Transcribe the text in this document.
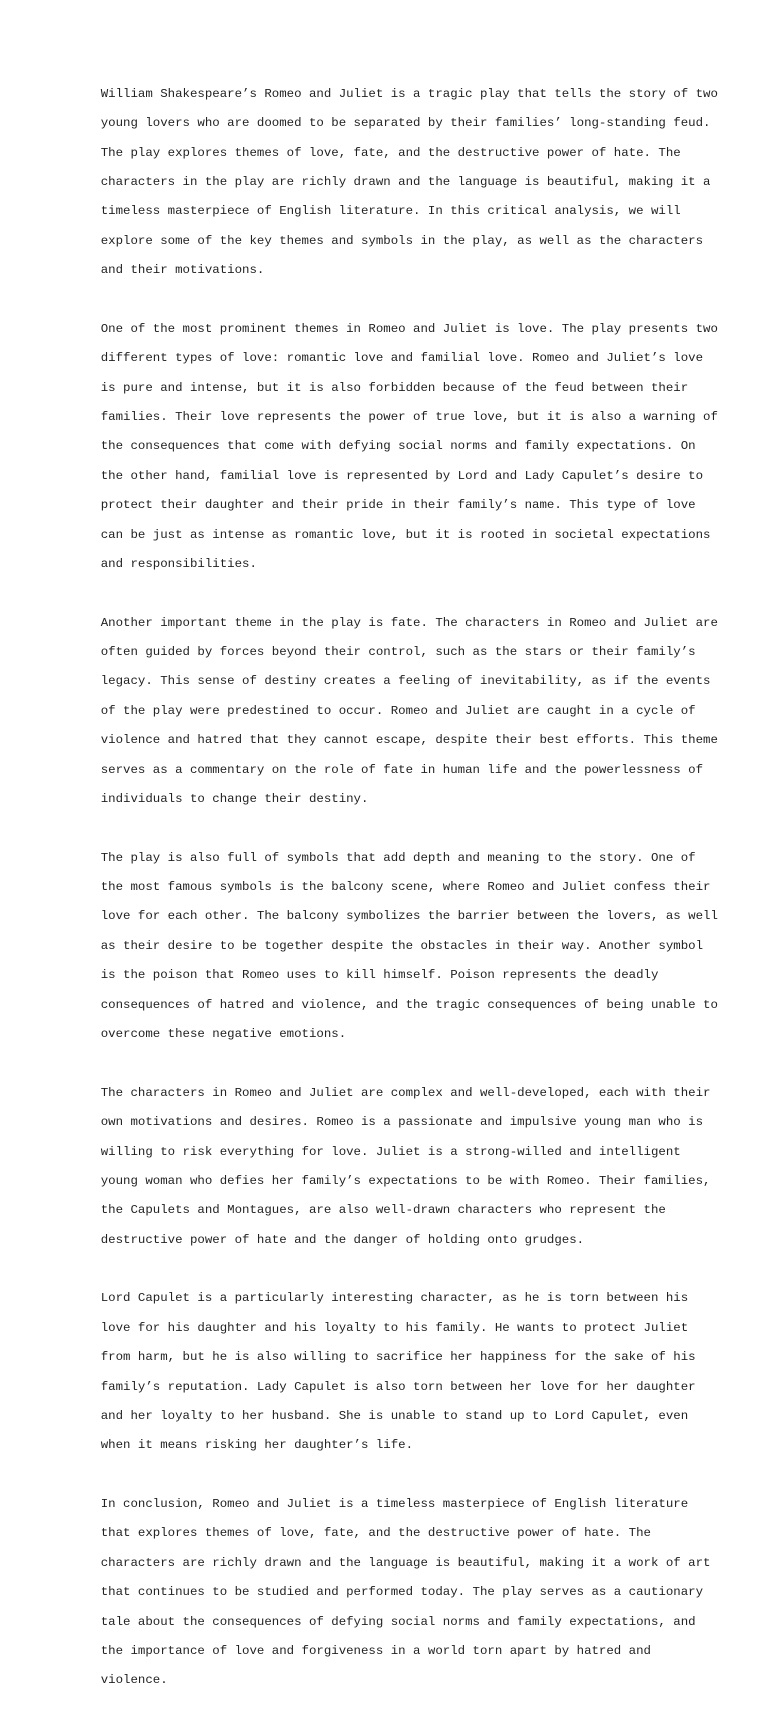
William Shakespeare’s Romeo and Juliet is a tragic play that tells the story of two

young lovers who are doomed to be separated by their families’ long-standing feud.

The play explores themes of love, fate, and the destructive power of hate. The

characters in the play are richly drawn and the language is beautiful, making it a

timeless masterpiece of English literature. In this critical analysis, we will

explore some of the key themes and symbols in the play, as well as the characters

and their motivations.

One of the most prominent themes in Romeo and Juliet is love. The play presents two

different types of love: romantic love and familial love. Romeo and Juliet’s love

is pure and intense, but it is also forbidden because of the feud between their

families. Their love represents the power of true love, but it is also a warning of

the consequences that come with defying social norms and family expectations. On

the other hand, familial love is represented by Lord and Lady Capulet’s desire to

protect their daughter and their pride in their family’s name. This type of love

can be just as intense as romantic love, but it is rooted in societal expectations

and responsibilities.

Another important theme in the play is fate. The characters in Romeo and Juliet are

often guided by forces beyond their control, such as the stars or their family’s

legacy. This sense of destiny creates a feeling of inevitability, as if the events

of the play were predestined to occur. Romeo and Juliet are caught in a cycle of

violence and hatred that they cannot escape, despite their best efforts. This theme

serves as a commentary on the role of fate in human life and the powerlessness of

individuals to change their destiny.

The play is also full of symbols that add depth and meaning to the story. One of

the most famous symbols is the balcony scene, where Romeo and Juliet confess their

love for each other. The balcony symbolizes the barrier between the lovers, as well

as their desire to be together despite the obstacles in their way. Another symbol

is the poison that Romeo uses to kill himself. Poison represents the deadly

consequences of hatred and violence, and the tragic consequences of being unable to

overcome these negative emotions.

The characters in Romeo and Juliet are complex and well-developed, each with their

own motivations and desires. Romeo is a passionate and impulsive young man who is

willing to risk everything for love. Juliet is a strong-willed and intelligent

young woman who defies her family’s expectations to be with Romeo. Their families,

the Capulets and Montagues, are also well-drawn characters who represent the

destructive power of hate and the danger of holding onto grudges.

Lord Capulet is a particularly interesting character, as he is torn between his

love for his daughter and his loyalty to his family. He wants to protect Juliet

from harm, but he is also willing to sacrifice her happiness for the sake of his

family’s reputation. Lady Capulet is also torn between her love for her daughter

and her loyalty to her husband. She is unable to stand up to Lord Capulet, even

when it means risking her daughter’s life.

In conclusion, Romeo and Juliet is a timeless masterpiece of English literature

that explores themes of love, fate, and the destructive power of hate. The

characters are richly drawn and the language is beautiful, making it a work of art

that continues to be studied and performed today. The play serves as a cautionary

tale about the consequences of defying social norms and family expectations, and

the importance of love and forgiveness in a world torn apart by hatred and

violence.
